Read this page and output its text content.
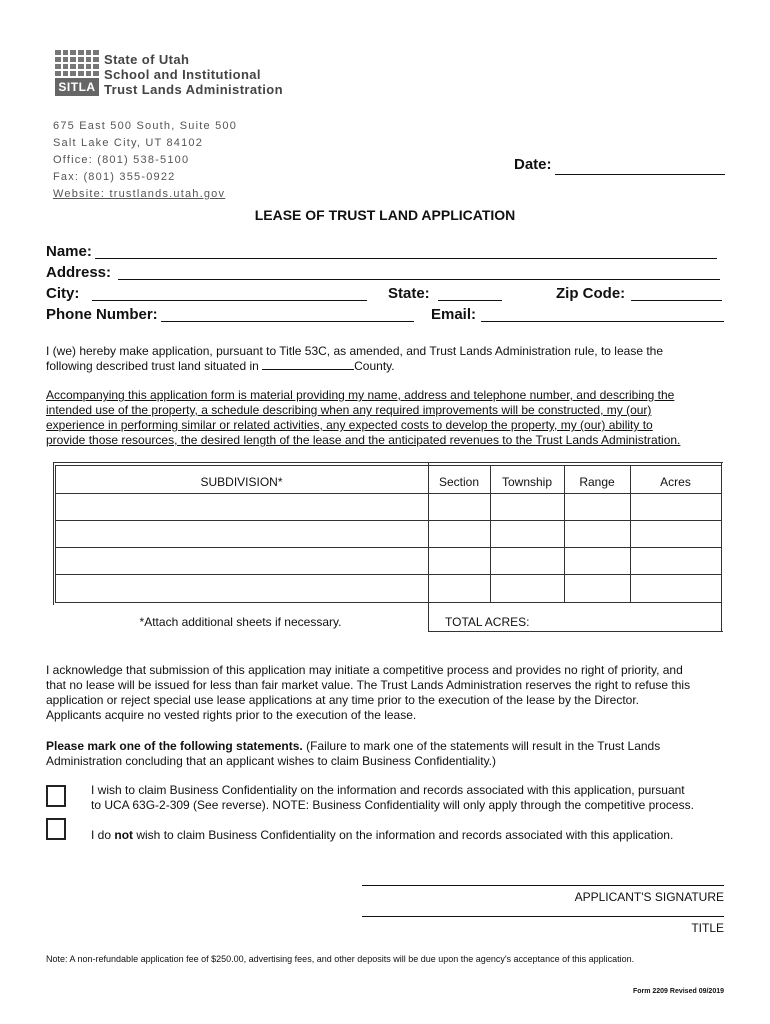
SITLA
State of Utah
School and Institutional
Trust Lands Administration
675 East 500 South, Suite 500
Salt Lake City, UT 84102
Office: (801) 538-5100
Fax: (801) 355-0922
Website: trustlands.utah.gov
Date:
LEASE OF TRUST LAND APPLICATION
Name:
Address:
City:	State:	Zip Code:
Phone Number:	Email:
I (we) hereby make application, pursuant to Title 53C, as amended, and Trust Lands Administration rule, to lease the
following described trust land situated in	County.
Accompanying this application form is material providing my name, address and telephone number, and describing the
intended use of the property, a schedule describing when any required improvements will be constructed, my (our)
experience in performing similar or related activities, any expected costs to develop the property, my (our) ability to
provide those resources, the desired length of the lease and the anticipated revenues to the Trust Lands Administration.
SUBDIVISION*	Section	Township	Range	Acres
*Attach additional sheets if necessary.	TOTAL ACRES:
I acknowledge that submission of this application may initiate a competitive process and provides no right of priority, and
that no lease will be issued for less than fair market value. The Trust Lands Administration reserves the right to refuse this
application or reject special use lease applications at any time prior to the execution of the lease by the Director.
Applicants acquire no vested rights prior to the execution of the lease.
Please mark one of the following statements. (Failure to mark one of the statements will result in the Trust Lands
Administration concluding that an applicant wishes to claim Business Confidentiality.)
I wish to claim Business Confidentiality on the information and records associated with this application, pursuant
to UCA 63G-2-309 (See reverse). NOTE: Business Confidentiality will only apply through the competitive process.
I do not wish to claim Business Confidentiality on the information and records associated with this application.
APPLICANT'S SIGNATURE
TITLE
Note: A non-refundable application fee of $250.00, advertising fees, and other deposits will be due upon the agency's acceptance of this application.
Form 2209 Revised 09/2019
